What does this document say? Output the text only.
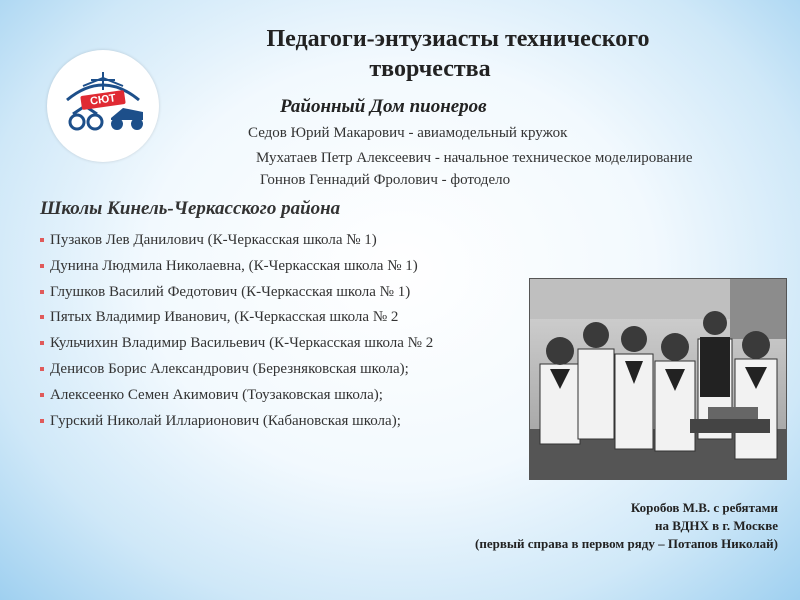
СЮТ
Педагоги-энтузиасты технического
творчества
Районный Дом пионеров
Седов Юрий Макарович - авиамодельный кружок
Мухатаев Петр Алексеевич - начальное техническое моделирование
Гоннов Геннадий Фролович - фотодело
Школы Кинель-Черкасского района
Пузаков Лев Данилович (К-Черкасская школа № 1)
Дунина Людмила Николаевна, (К-Черкасская школа № 1)
Глушков Василий Федотович (К-Черкасская школа № 1)
Пятых Владимир Иванович, (К-Черкасская школа № 2
Кульчихин Владимир Васильевич (К-Черкасская школа № 2
Денисов Борис Александрович (Березняковская школа);
Алексеенко Семен Акимович (Тоузаковская школа);
Гурский Николай Илларионович (Кабановская школа);
Коробов М.В. с ребятами
на ВДНХ в г. Москве
(первый справа в первом ряду – Потапов Николай)
